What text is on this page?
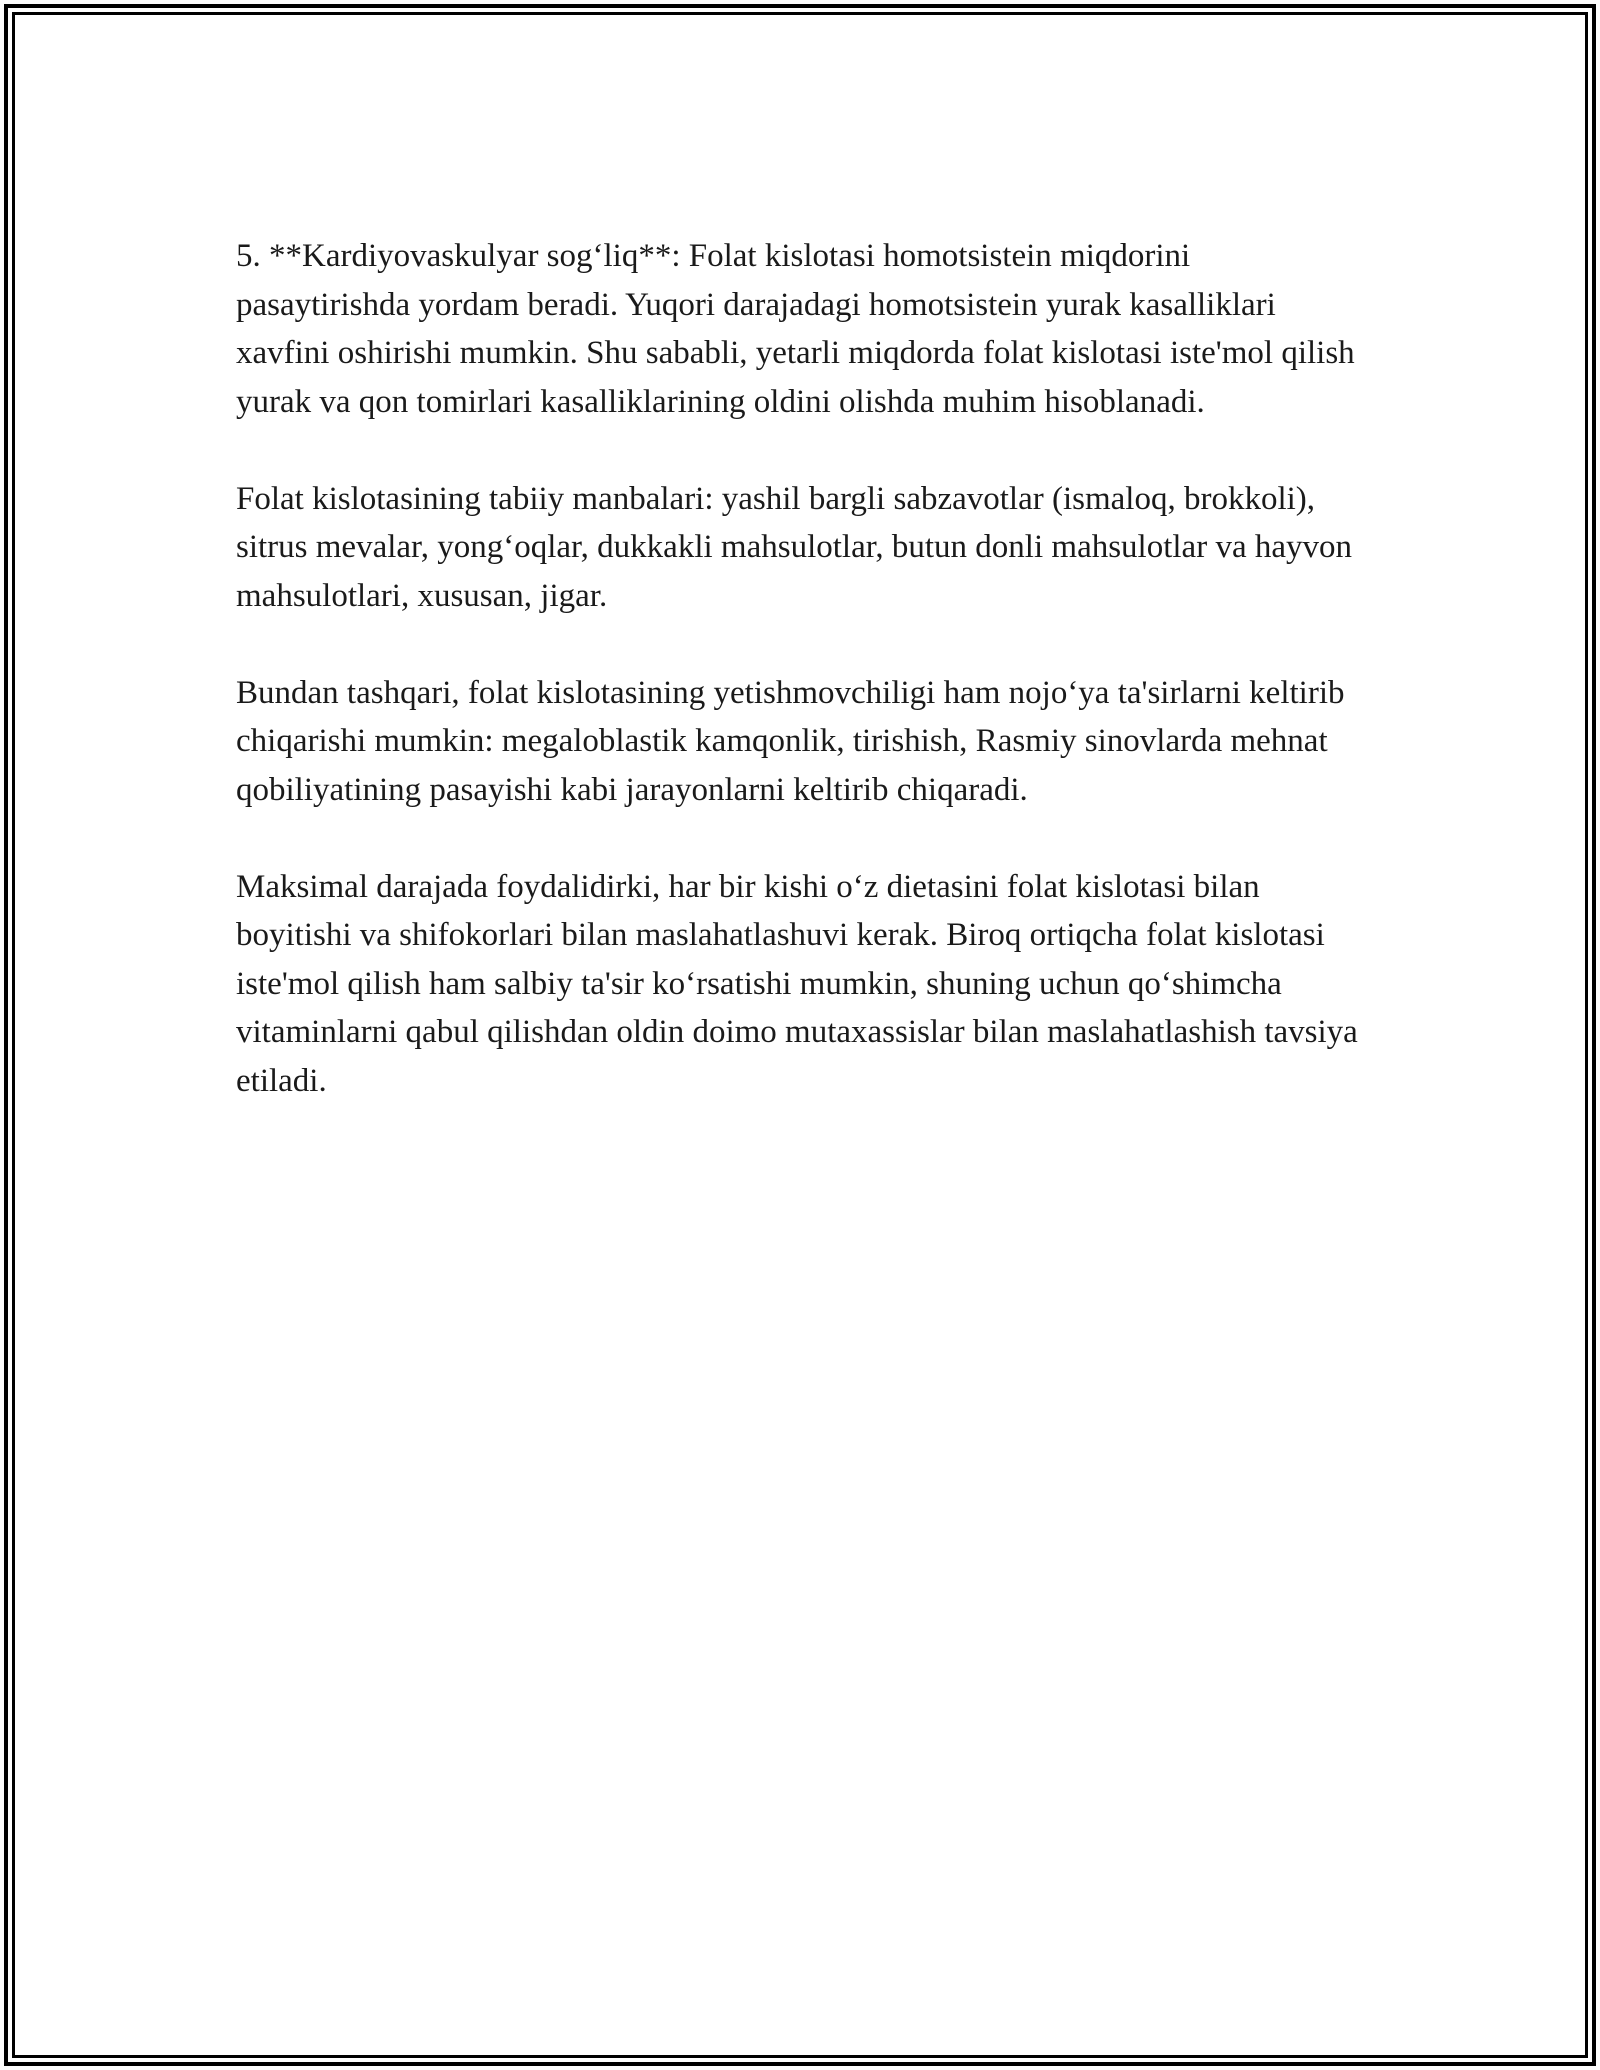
5. **Kardiyovaskulyar sog‘liq**: Folat kislotasi homotsistein miqdorini pasaytirishda yordam beradi. Yuqori darajadagi homotsistein yurak kasalliklari xavfini oshirishi mumkin. Shu sababli, yetarli miqdorda folat kislotasi iste'mol qilish yurak va qon tomirlari kasalliklarining oldini olishda muhim hisoblanadi.

Folat kislotasining tabiiy manbalari: yashil bargli sabzavotlar (ismaloq, brokkoli), sitrus mevalar, yong‘oqlar, dukkakli mahsulotlar, butun donli mahsulotlar va hayvon mahsulotlari, xususan, jigar.

Bundan tashqari, folat kislotasining yetishmovchiligi ham nojo‘ya ta'sirlarni keltirib chiqarishi mumkin: megaloblastik kamqonlik, tirishish, Rasmiy sinovlarda mehnat qobiliyatining pasayishi kabi jarayonlarni keltirib chiqaradi.

Maksimal darajada foydalidirki, har bir kishi o‘z dietasini folat kislotasi bilan boyitishi va shifokorlari bilan maslahatlashuvi kerak. Biroq ortiqcha folat kislotasi iste'mol qilish ham salbiy ta'sir ko‘rsatishi mumkin, shuning uchun qo‘shimcha vitaminlarni qabul qilishdan oldin doimo mutaxassislar bilan maslahatlashish tavsiya etiladi.
